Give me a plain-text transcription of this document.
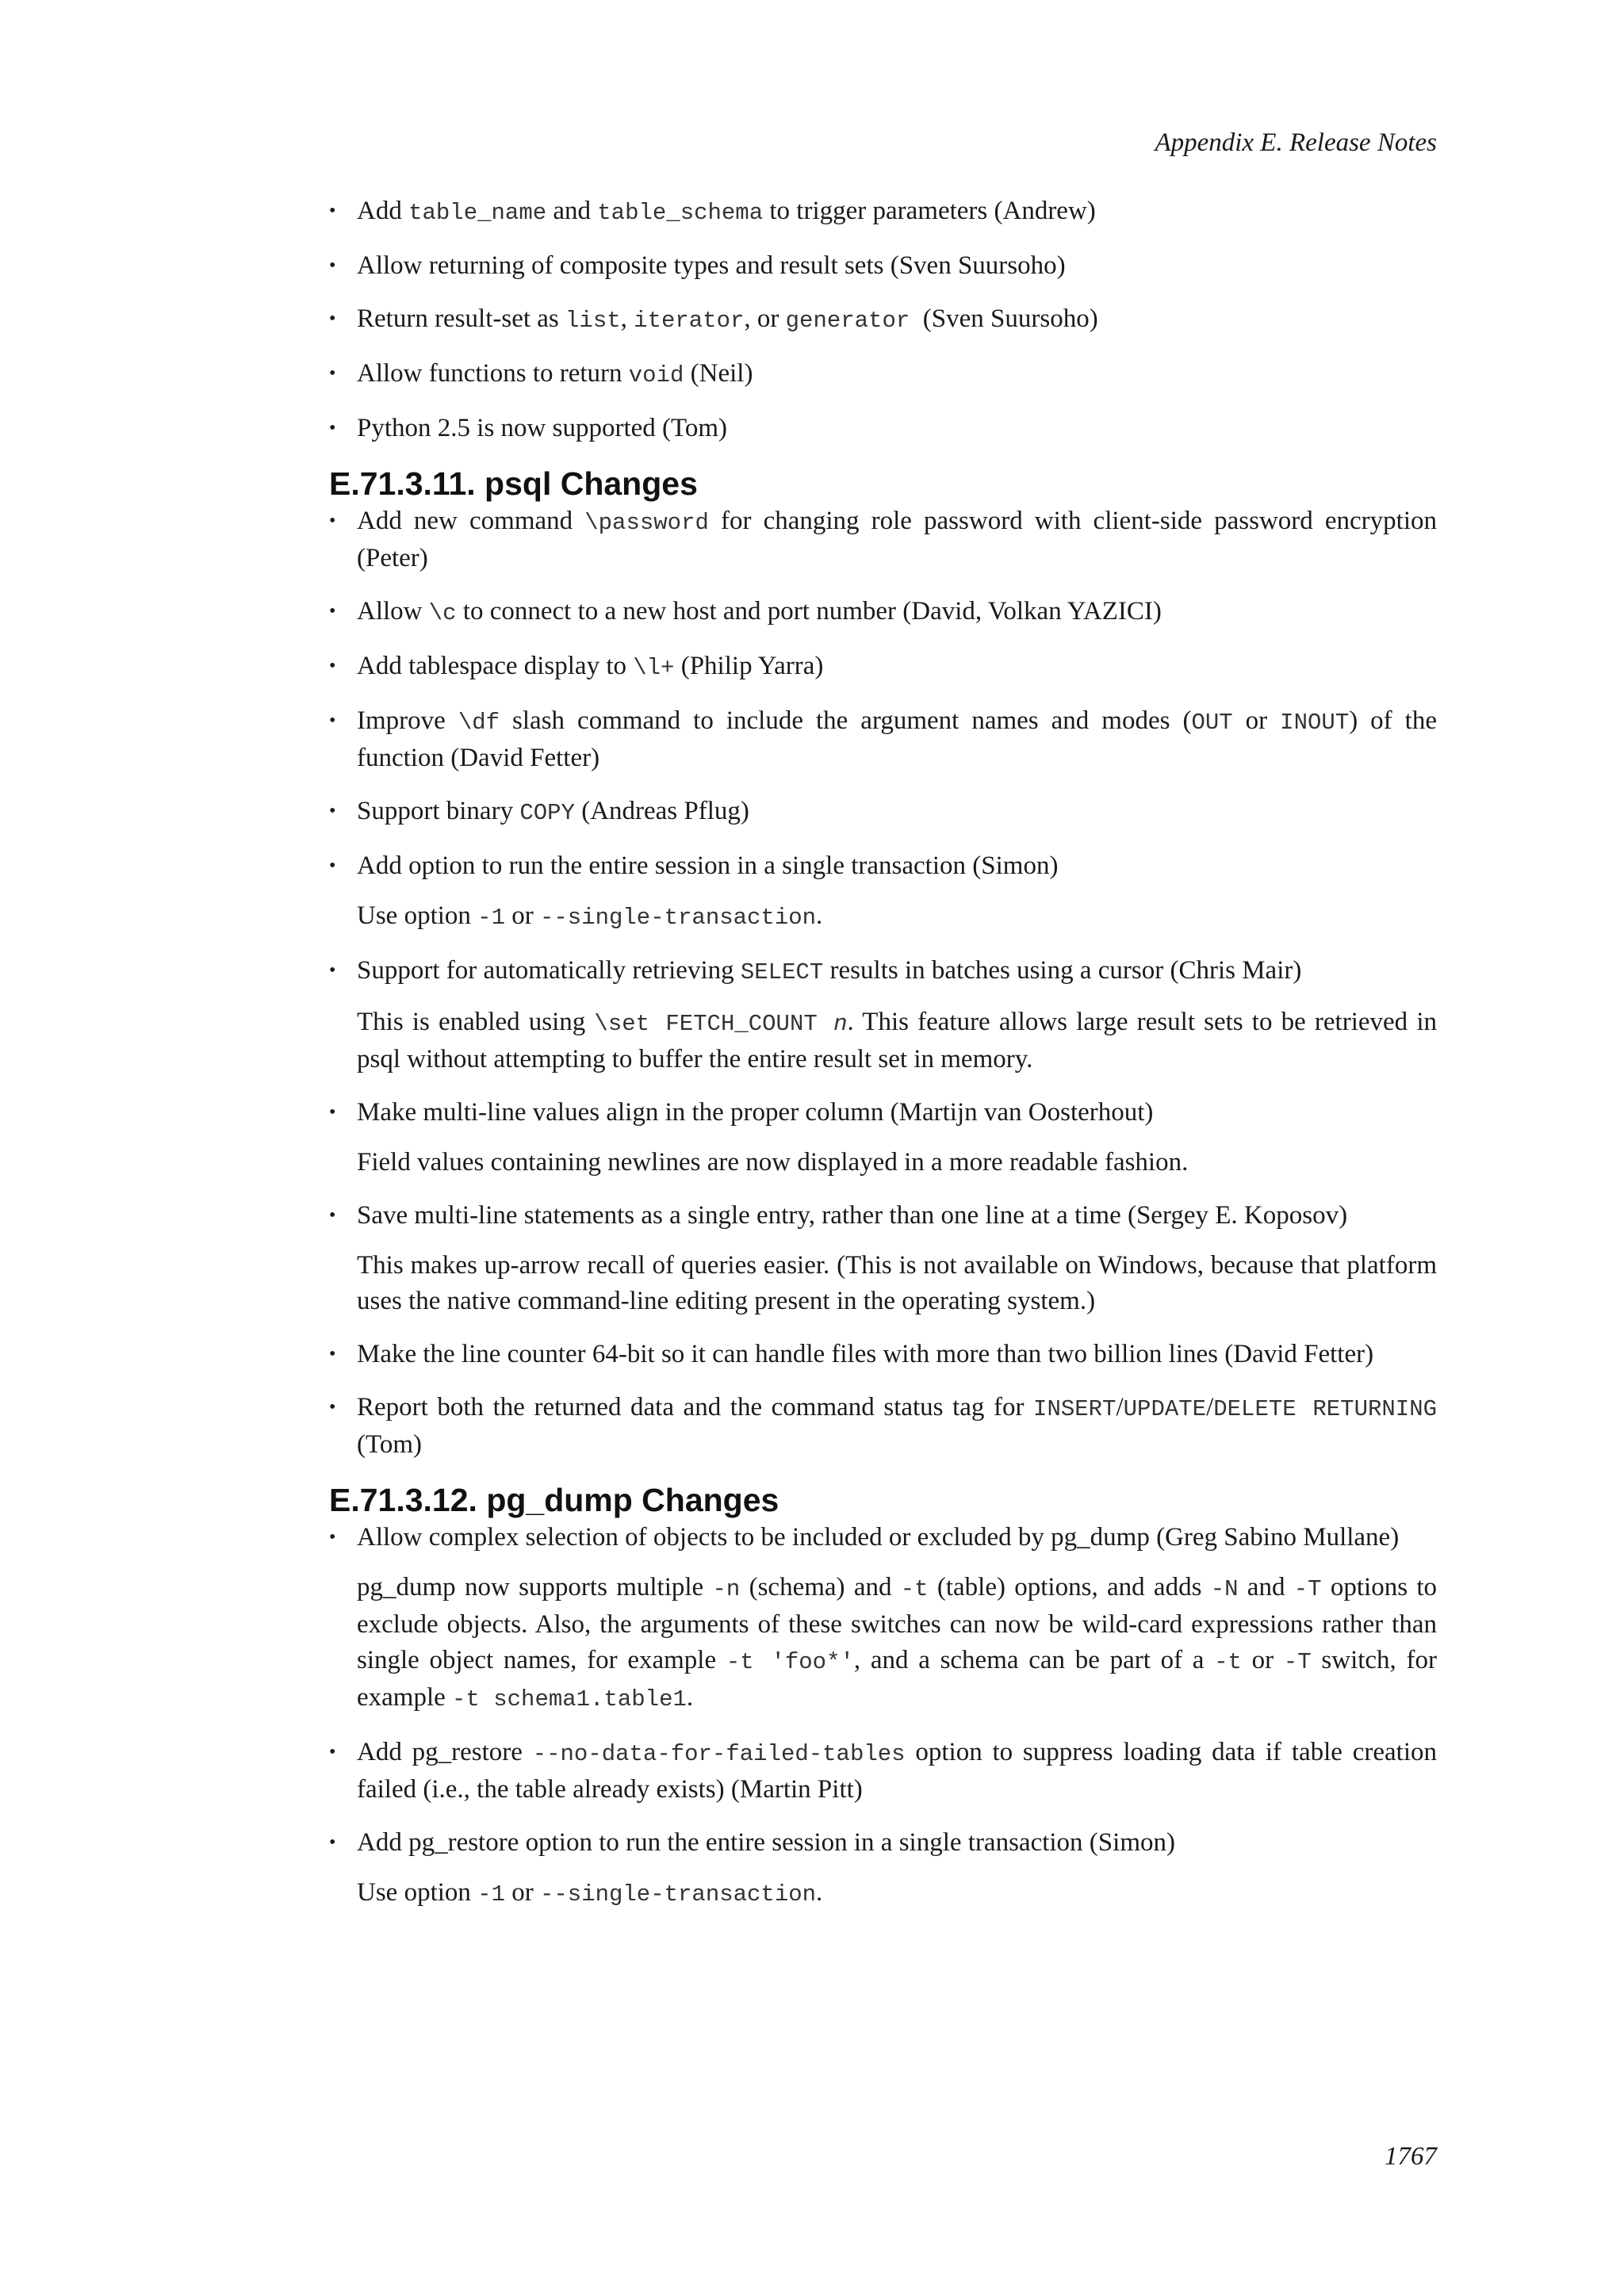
Appendix E. Release Notes

• Add table_name and table_schema to trigger parameters (Andrew)

• Allow returning of composite types and result sets (Sven Suursoho)

• Return result-set as list, iterator, or generator  (Sven Suursoho)

• Allow functions to return void (Neil)

• Python 2.5 is now supported (Tom)

E.71.3.11. psql Changes

• Add new command \password for changing role password with client-side password encryption (Peter)

• Allow \c to connect to a new host and port number (David, Volkan YAZICI)

• Add tablespace display to \l+ (Philip Yarra)

• Improve \df slash command to include the argument names and modes (OUT or INOUT) of the function (David Fetter)

• Support binary COPY (Andreas Pflug)

• Add option to run the entire session in a single transaction (Simon)

Use option -1 or --single-transaction.

• Support for automatically retrieving SELECT results in batches using a cursor (Chris Mair)

This is enabled using \set FETCH_COUNT n. This feature allows large result sets to be retrieved in psql without attempting to buffer the entire result set in memory.

• Make multi-line values align in the proper column (Martijn van Oosterhout)

Field values containing newlines are now displayed in a more readable fashion.

• Save multi-line statements as a single entry, rather than one line at a time (Sergey E. Koposov)

This makes up-arrow recall of queries easier. (This is not available on Windows, because that platform uses the native command-line editing present in the operating system.)

• Make the line counter 64-bit so it can handle files with more than two billion lines (David Fetter)

• Report both the returned data and the command status tag for INSERT/UPDATE/DELETE RETURNING (Tom)

E.71.3.12. pg_dump Changes

• Allow complex selection of objects to be included or excluded by pg_dump (Greg Sabino Mullane)

pg_dump now supports multiple -n (schema) and -t (table) options, and adds -N and -T options to exclude objects. Also, the arguments of these switches can now be wild-card expressions rather than single object names, for example -t 'foo*', and a schema can be part of a -t or -T switch, for example -t schema1.table1.

• Add pg_restore --no-data-for-failed-tables option to suppress loading data if table creation failed (i.e., the table already exists) (Martin Pitt)

• Add pg_restore option to run the entire session in a single transaction (Simon)

Use option -1 or --single-transaction.

1767
